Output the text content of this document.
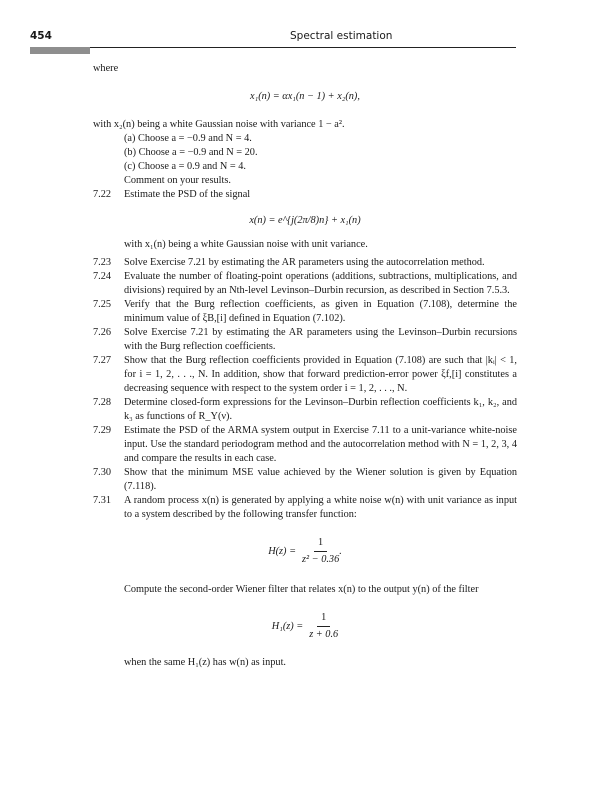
454	Spectral estimation

where

x₁(n) = αx₁(n − 1) + x₂(n),

with x₂(n) being a white Gaussian noise with variance 1 − a².

(a) Choose a = −0.9 and N = 4.
(b) Choose a = −0.9 and N = 20.
(c) Choose a = 0.9 and N = 4.

Comment on your results.

7.22	Estimate the PSD of the signal

x(n) = e^{j(2π/8)n} + x₁(n)

with x₁(n) being a white Gaussian noise with unit variance.

7.23	Solve Exercise 7.21 by estimating the AR parameters using the autocorrelation method.
7.24	Evaluate the number of floating-point operations (additions, subtractions, multiplications, and divisions) required by an Nth-level Levinson–Durbin recursion, as described in Section 7.5.3.
7.25	Verify that the Burg reflection coefficients, as given in Equation (7.108), determine the minimum value of ξB,[i] defined in Equation (7.102).
7.26	Solve Exercise 7.21 by estimating the AR parameters using the Levinson–Durbin recursions with the Burg reflection coefficients.
7.27	Show that the Burg reflection coefficients provided in Equation (7.108) are such that |kᵢ| < 1, for i = 1, 2, . . ., N. In addition, show that forward prediction-error power ξf,[i] constitutes a decreasing sequence with respect to the system order i = 1, 2, . . ., N.
7.28	Determine closed-form expressions for the Levinson–Durbin reflection coefficients k₁, k₂, and k₃ as functions of R_Y(ν).
7.29	Estimate the PSD of the ARMA system output in Exercise 7.11 to a unit-variance white-noise input. Use the standard periodogram method and the autocorrelation method with N = 1, 2, 3, 4 and compare the results in each case.
7.30	Show that the minimum MSE value achieved by the Wiener solution is given by Equation (7.118).
7.31	A random process x(n) is generated by applying a white noise w(n) with unit variance as input to a system described by the following transfer function:
$H(z) = \frac{1}{\text{z² − 0.36}}$ .

Compute the second-order Wiener filter that relates x(n) to the output y(n) of the filter

$H_1(z) = \frac{1}{z + 0.6}$

when the same H₁(z) has w(n) as input.
